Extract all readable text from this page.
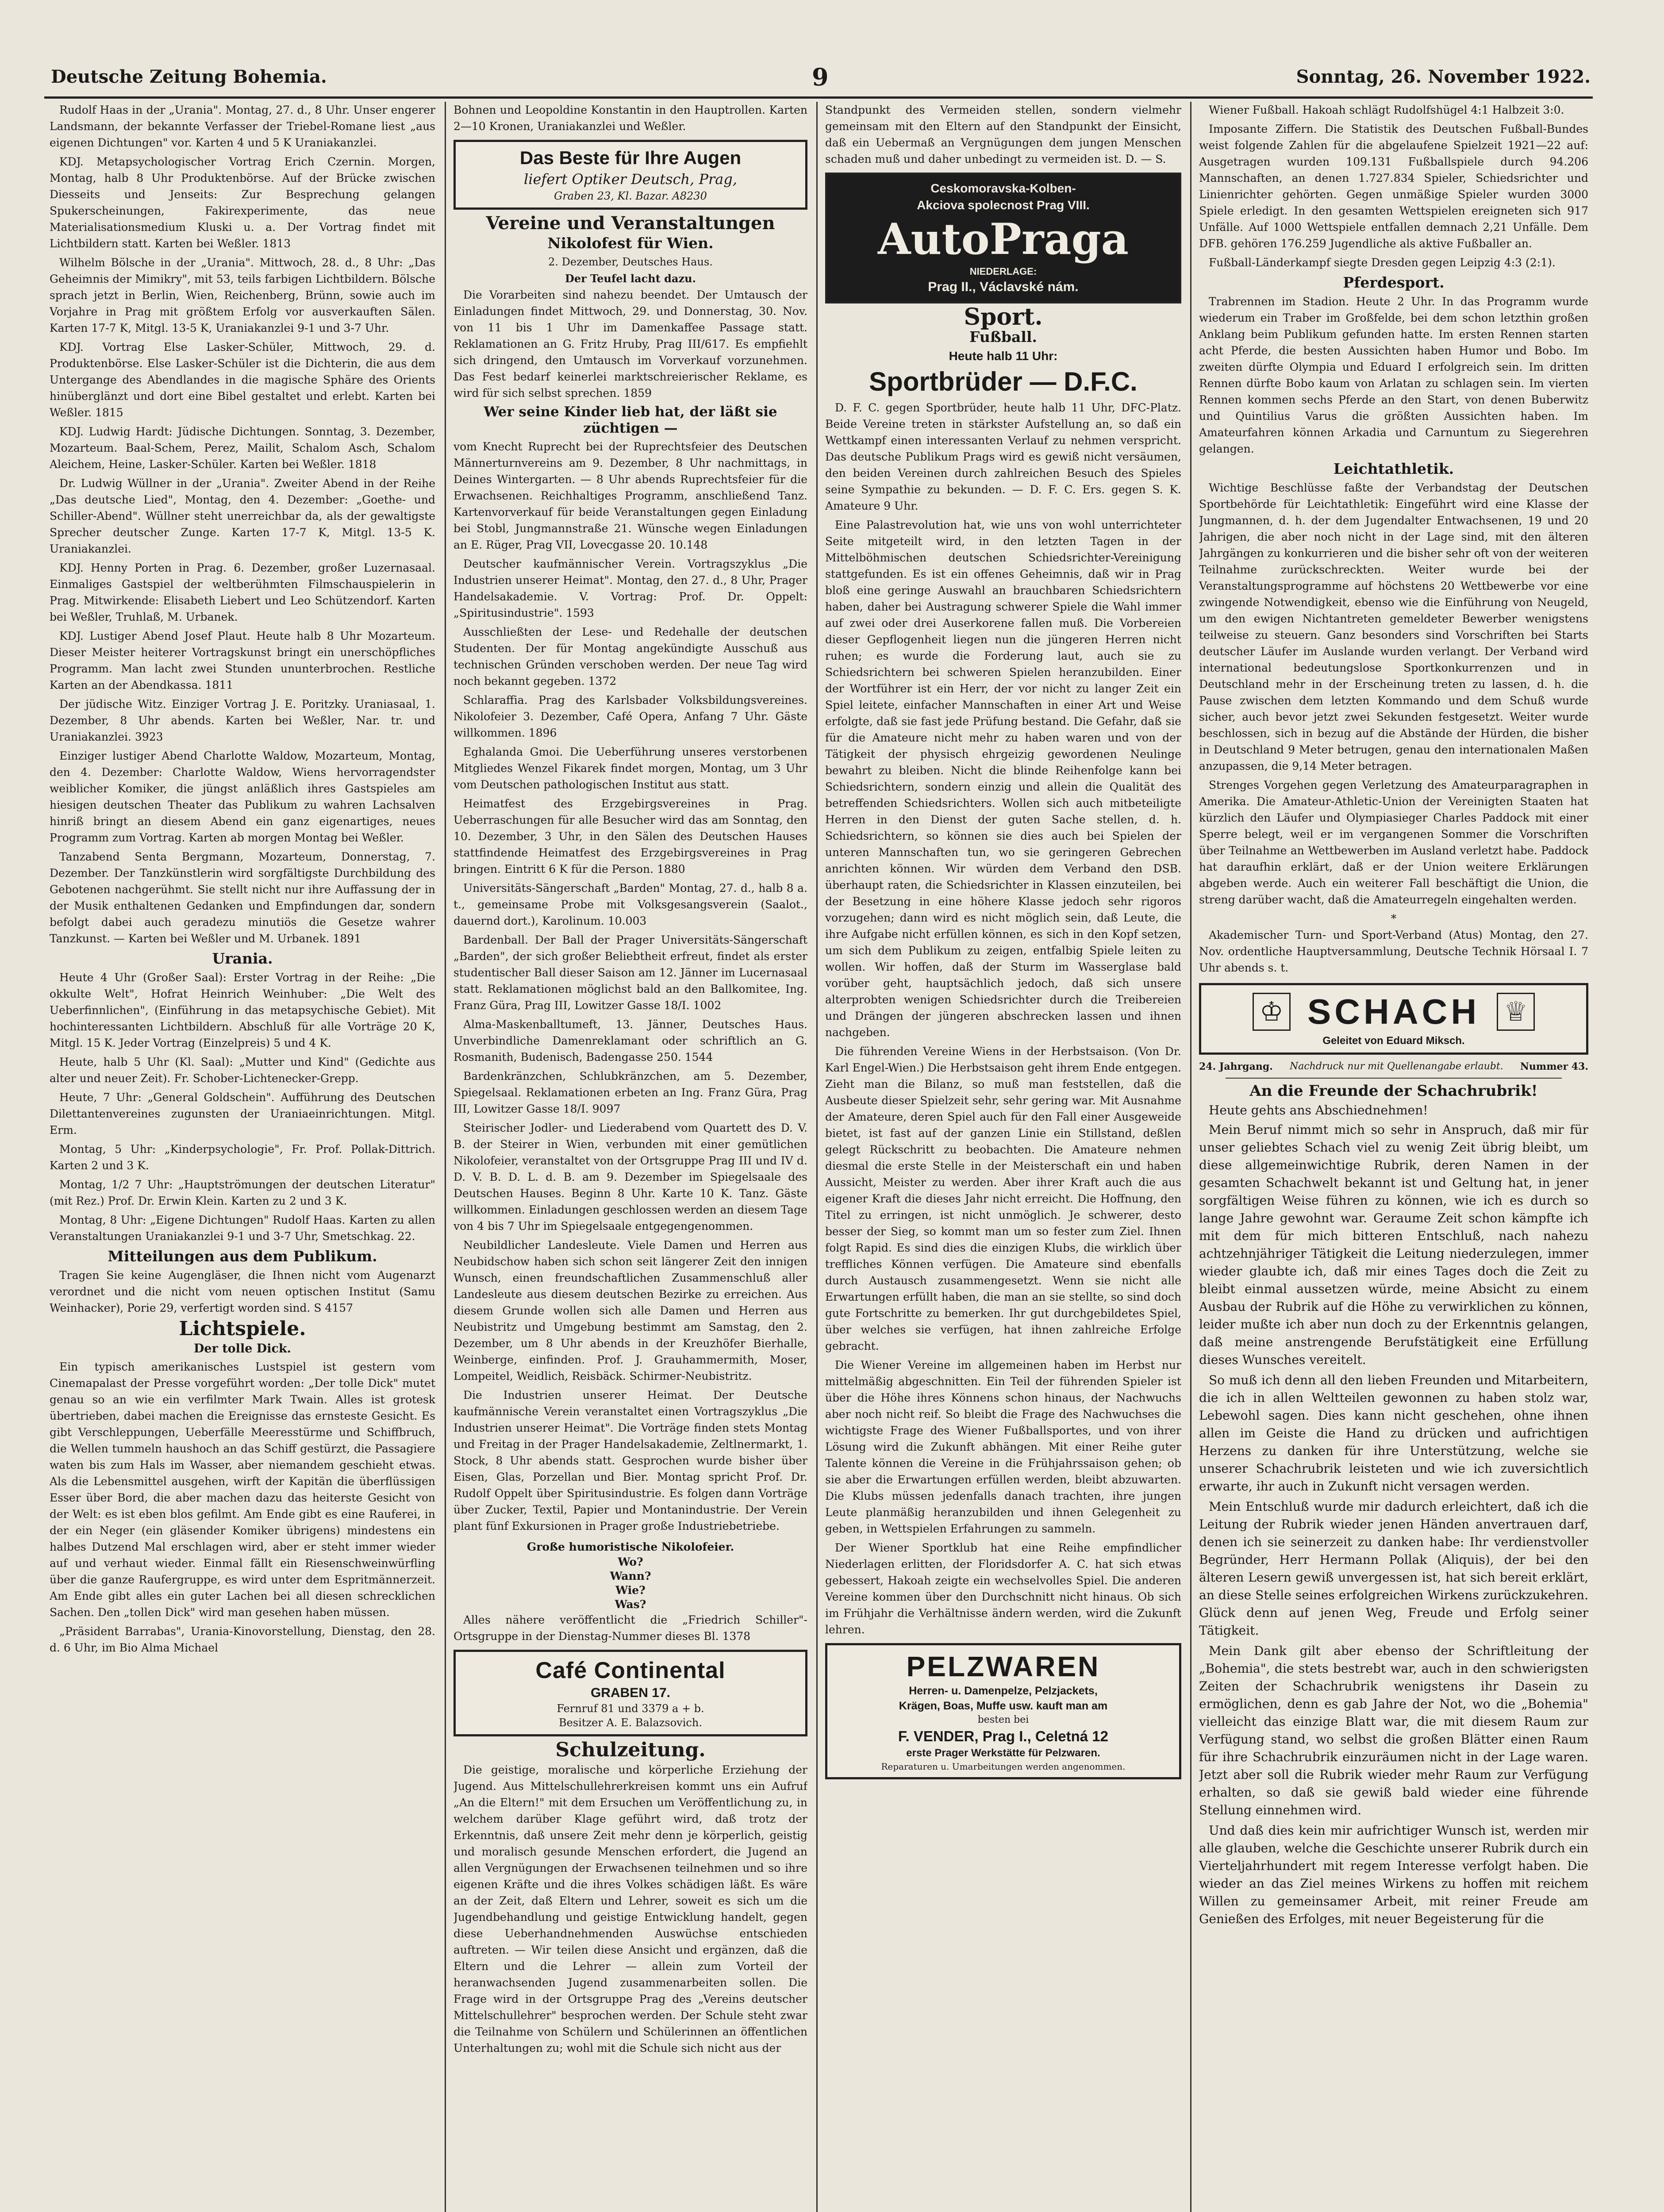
Deutsche Zeitung Bohemia.	9	Sonntag, 26. November 1922.

Rudolf Haas in der „Urania". Montag, 27. d., 8 Uhr. Unser engerer Landsmann, der bekannte Verfasser der Triebel-Romane liest „aus eigenen Dichtungen" vor. Karten 4 und 5 K Uraniakanzlei.

KDJ. Metapsychologischer Vortrag Erich Czernin. Morgen, Montag, halb 8 Uhr Produktenbörse. Auf der Brücke zwischen Diesseits und Jenseits: Zur Besprechung gelangen Spukerscheinungen, Fakirexperimente, das neue Materialisationsmedium Kluski u. a. Der Vortrag findet mit Lichtbildern statt. Karten bei Weßler. 1813

Wilhelm Bölsche in der „Urania". Mittwoch, 28. d., 8 Uhr: „Das Geheimnis der Mimikry", mit 53, teils farbigen Lichtbildern. Bölsche sprach jetzt in Berlin, Wien, Reichenberg, Brünn, sowie auch im Vorjahre in Prag mit größtem Erfolg vor ausverkauften Sälen. Karten 17-7 K, Mitgl. 13-5 K, Uraniakanzlei 9-1 und 3-7 Uhr.

KDJ. Vortrag Else Lasker-Schüler, Mittwoch, 29. d. Produktenbörse. Else Lasker-Schüler ist die Dichterin, die aus dem Untergange des Abendlandes in die magische Sphäre des Orients hinüberglänzt und dort eine Bibel gestaltet und erlebt. Karten bei Weßler. 1815

KDJ. Ludwig Hardt: Jüdische Dichtungen. Sonntag, 3. Dezember, Mozarteum. Baal-Schem, Perez, Mailit, Schalom Asch, Schalom Aleichem, Heine, Lasker-Schüler. Karten bei Weßler. 1818

Dr. Ludwig Wüllner in der „Urania". Zweiter Abend in der Reihe „Das deutsche Lied", Montag, den 4. Dezember: „Goethe- und Schiller-Abend". Wüllner steht unerreichbar da, als der gewaltigste Sprecher deutscher Zunge. Karten 17-7 K, Mitgl. 13-5 K. Uraniakanzlei.

KDJ. Henny Porten in Prag. 6. Dezember, großer Luzernasaal. Einmaliges Gastspiel der weltberühmten Filmschauspielerin in Prag. Mitwirkende: Elisabeth Liebert und Leo Schützendorf. Karten bei Weßler, Truhlaß, M. Urbanek.

KDJ. Lustiger Abend Josef Plaut. Heute halb 8 Uhr Mozarteum. Dieser Meister heiterer Vortragskunst bringt ein unerschöpfliches Programm. Man lacht zwei Stunden ununterbrochen. Restliche Karten an der Abendkassa. 1811

Der jüdische Witz. Einziger Vortrag J. E. Poritzky. Uraniasaal, 1. Dezember, 8 Uhr abends. Karten bei Weßler, Nar. tr. und Uraniakanzlei. 3923

Einziger lustiger Abend Charlotte Waldow, Mozarteum, Montag, den 4. Dezember: Charlotte Waldow, Wiens hervorragendster weiblicher Komiker, die jüngst anläßlich ihres Gastspieles am hiesigen deutschen Theater das Publikum zu wahren Lachsalven hinriß bringt an diesem Abend ein ganz eigenartiges, neues Programm zum Vortrag. Karten ab morgen Montag bei Weßler.

Tanzabend Senta Bergmann, Mozarteum, Donnerstag, 7. Dezember. Der Tanzkünstlerin wird sorgfältigste Durchbildung des Gebotenen nachgerühmt. Sie stellt nicht nur ihre Auffassung der in der Musik enthaltenen Gedanken und Empfindungen dar, sondern befolgt dabei auch geradezu minutiös die Gesetze wahrer Tanzkunst. — Karten bei Weßler und M. Urbanek. 1891

Urania.

Heute 4 Uhr (Großer Saal): Erster Vortrag in der Reihe: „Die okkulte Welt", Hofrat Heinrich Weinhuber: „Die Welt des Ueberfinnlichen", (Einführung in das metapsychische Gebiet). Mit hochinteressanten Lichtbildern. Abschluß für alle Vorträge 20 K, Mitgl. 15 K. Jeder Vortrag (Einzelpreis) 5 und 4 K.

Heute, halb 5 Uhr (Kl. Saal): „Mutter und Kind" (Gedichte aus alter und neuer Zeit). Fr. Schober-Lichtenecker-Grepp.

Heute, 7 Uhr: „General Goldschein". Aufführung des Deutschen Dilettantenvereines zugunsten der Uraniaeinrichtungen. Mitgl. Erm.

Montag, 5 Uhr: „Kinderpsychologie", Fr. Prof. Pollak-Dittrich. Karten 2 und 3 K.

Montag, 1/2 7 Uhr: „Hauptströmungen der deutschen Literatur" (mit Rez.) Prof. Dr. Erwin Klein. Karten zu 2 und 3 K.

Montag, 8 Uhr: „Eigene Dichtungen" Rudolf Haas. Karten zu allen Veranstaltungen Uraniakanzlei 9-1 und 3-7 Uhr, Smetschkag. 22.

Mitteilungen aus dem Publikum.

Tragen Sie keine Augengläser, die Ihnen nicht vom Augenarzt verordnet und die nicht vom neuen optischen Institut (Samu Weinhacker), Porie 29, verfertigt worden sind. S 4157

Lichtspiele.
Der tolle Dick.

Ein typisch amerikanisches Lustspiel ist gestern vom Cinemapalast der Presse vorgeführt worden: „Der tolle Dick" mutet genau so an wie ein verfilmter Mark Twain. Alles ist grotesk übertrieben, dabei machen die Ereignisse das ernsteste Gesicht. Es gibt Verschleppungen, Ueberfälle Meeresstürme und Schiffbruch, die Wellen tummeln haushoch an das Schiff gestürzt, die Passagiere waten bis zum Hals im Wasser, aber niemandem geschieht etwas. Als die Lebensmittel ausgehen, wirft der Kapitän die überflüssigen Esser über Bord, die aber machen dazu das heiterste Gesicht von der Welt: es ist eben blos gefilmt. Am Ende gibt es eine Rauferei, in der ein Neger (ein gläsender Komiker übrigens) mindestens ein halbes Dutzend Mal erschlagen wird, aber er steht immer wieder auf und verhaut wieder. Einmal fällt ein Riesenschweinwürfling über die ganze Raufergruppe, es wird unter dem Espritmännerzeit. Am Ende gibt alles ein guter Lachen bei all diesen schrecklichen Sachen. Den „tollen Dick" wird man gesehen haben müssen.

„Präsident Barrabas", Urania-Kinovorstellung, Dienstag, den 28. d. 6 Uhr, im Bio Alma Michael

Bohnen und Leopoldine Konstantin in den Hauptrollen. Karten 2—10 Kronen, Uraniakanzlei und Weßler.

Das Beste für Ihre Augen
liefert Optiker Deutsch, Prag,
Graben 23, Kl. Bazar. A8230
Vereine und Veranstaltungen
Nikolofest für Wien.
2. Dezember, Deutsches Haus.
Der Teufel lacht dazu.

Die Vorarbeiten sind nahezu beendet. Der Umtausch der Einladungen findet Mittwoch, 29. und Donnerstag, 30. Nov. von 11 bis 1 Uhr im Damenkaffee Passage statt. Reklamationen an G. Fritz Hruby, Prag III/617. Es empfiehlt sich dringend, den Umtausch im Vorverkauf vorzunehmen. Das Fest bedarf keinerlei marktschreierischer Reklame, es wird für sich selbst sprechen. 1859

Wer seine Kinder lieb hat, der läßt sie züchtigen —

vom Knecht Ruprecht bei der Ruprechtsfeier des Deutschen Männerturnvereins am 9. Dezember, 8 Uhr nachmittags, in Deines Wintergarten. — 8 Uhr abends Ruprechtsfeier für die Erwachsenen. Reichhaltiges Programm, anschließend Tanz. Kartenvorverkauf für beide Veranstaltungen gegen Einladung bei Stobl, Jungmannstraße 21. Wünsche wegen Einladungen an E. Rüger, Prag VII, Lovecgasse 20. 10.148

Deutscher kaufmännischer Verein. Vortragszyklus „Die Industrien unserer Heimat". Montag, den 27. d., 8 Uhr, Prager Handelsakademie. V. Vortrag: Prof. Dr. Oppelt: „Spiritusindustrie". 1593

Ausschließten der Lese- und Redehalle der deutschen Studenten. Der für Montag angekündigte Ausschuß aus technischen Gründen verschoben werden. Der neue Tag wird noch bekannt gegeben. 1372

Schlaraffia. Prag des Karlsbader Volksbildungsvereines. Nikolofeier 3. Dezember, Café Opera, Anfang 7 Uhr. Gäste willkommen. 1896

Eghalanda Gmoi. Die Ueberführung unseres verstorbenen Mitgliedes Wenzel Fikarek findet morgen, Montag, um 3 Uhr vom Deutschen pathologischen Institut aus statt.

Heimatfest des Erzgebirgsvereines in Prag. Ueberraschungen für alle Besucher wird das am Sonntag, den 10. Dezember, 3 Uhr, in den Sälen des Deutschen Hauses stattfindende Heimatfest des Erzgebirgsvereines in Prag bringen. Eintritt 6 K für die Person. 1880

Universitäts-Sängerschaft „Barden" Montag, 27. d., halb 8 a. t., gemeinsame Probe mit Volksgesangsverein (Saalot., dauernd dort.), Karolinum. 10.003

Bardenball. Der Ball der Prager Universitäts-Sängerschaft „Barden", der sich großer Beliebtheit erfreut, findet als erster studentischer Ball dieser Saison am 12. Jänner im Lucernasaal statt. Reklamationen möglichst bald an den Ballkomitee, Ing. Franz Güra, Prag III, Lowitzer Gasse 18/I. 1002

Alma-Maskenballtumeft, 13. Jänner, Deutsches Haus. Unverbindliche Damenreklamant oder schriftlich an G. Rosmanith, Budenisch, Badengasse 250. 1544

Bardenkränzchen, Schlubkränzchen, am 5. Dezember, Spiegelsaal. Reklamationen erbeten an Ing. Franz Güra, Prag III, Lowitzer Gasse 18/I. 9097

Steirischer Jodler- und Liederabend vom Quartett des D. V. B. der Steirer in Wien, verbunden mit einer gemütlichen Nikolofeier, veranstaltet von der Ortsgruppe Prag III und IV d. D. V. B. D. L. d. B. am 9. Dezember im Spiegelsaale des Deutschen Hauses. Beginn 8 Uhr. Karte 10 K. Tanz. Gäste willkommen. Einladungen geschlossen werden an diesem Tage von 4 bis 7 Uhr im Spiegelsaale entgegengenommen.

Neubildlicher Landesleute. Viele Damen und Herren aus Neubidschow haben sich schon seit längerer Zeit den innigen Wunsch, einen freundschaftlichen Zusammenschluß aller Landesleute aus diesem deutschen Bezirke zu erreichen. Aus diesem Grunde wollen sich alle Damen und Herren aus Neubistritz und Umgebung bestimmt am Samstag, den 2. Dezember, um 8 Uhr abends in der Kreuzhöfer Bierhalle, Weinberge, einfinden. Prof. J. Grauhammermith, Moser, Lompeitel, Weidlich, Reisbäck. Schirmer-Neubistritz.

Die Industrien unserer Heimat. Der Deutsche kaufmännische Verein veranstaltet einen Vortragszyklus „Die Industrien unserer Heimat". Die Vorträge finden stets Montag und Freitag in der Prager Handelsakademie, Zeltlnermarkt, 1. Stock, 8 Uhr abends statt. Gesprochen wurde bisher über Eisen, Glas, Porzellan und Bier. Montag spricht Prof. Dr. Rudolf Oppelt über Spiritusindustrie. Es folgen dann Vorträge über Zucker, Textil, Papier und Montanindustrie. Der Verein plant fünf Exkursionen in Prager große Industriebetriebe.

Große humoristische Nikolofeier.
Wo?
Wann?
Wie?
Was?

Alles nähere veröffentlicht die „Friedrich Schiller"-Ortsgruppe in der Dienstag-Nummer dieses Bl. 1378

Café Continental
GRABEN 17.
Fernruf 81 und 3379 a + b.
Besitzer A. E. Balazsovich.
Schulzeitung.

Die geistige, moralische und körperliche Erziehung der Jugend. Aus Mittelschullehrerkreisen kommt uns ein Aufruf „An die Eltern!" mit dem Ersuchen um Veröffentlichung zu, in welchem darüber Klage geführt wird, daß trotz der Erkenntnis, daß unsere Zeit mehr denn je körperlich, geistig und moralisch gesunde Menschen erfordert, die Jugend an allen Vergnügungen der Erwachsenen teilnehmen und so ihre eigenen Kräfte und die ihres Volkes schädigen läßt. Es wäre an der Zeit, daß Eltern und Lehrer, soweit es sich um die Jugendbehandlung und geistige Entwicklung handelt, gegen diese Ueberhandnehmenden Auswüchse entschieden auftreten. — Wir teilen diese Ansicht und ergänzen, daß die Eltern und die Lehrer — allein zum Vorteil der heranwachsenden Jugend zusammenarbeiten sollen. Die Frage wird in der Ortsgruppe Prag des „Vereins deutscher Mittelschullehrer" besprochen werden. Der Schule steht zwar die Teilnahme von Schülern und Schülerinnen an öffentlichen Unterhaltungen zu; wohl mit die Schule sich nicht aus der

Standpunkt des Vermeiden stellen, sondern vielmehr gemeinsam mit den Eltern auf den Standpunkt der Einsicht, daß ein Uebermaß an Vergnügungen dem jungen Menschen schaden muß und daher unbedingt zu vermeiden ist. D. — S.

Ceskomoravska-Kolben-
Akciova spolecnost Prag VIII.
AutoPraga
NIEDERLAGE:
Prag II., Václavské nám.
Sport.
Fußball.
Heute halb 11 Uhr:
Sportbrüder — D.F.C.

D. F. C. gegen Sportbrüder, heute halb 11 Uhr, DFC-Platz. Beide Vereine treten in stärkster Aufstellung an, so daß ein Wettkampf einen interessanten Verlauf zu nehmen verspricht. Das deutsche Publikum Prags wird es gewiß nicht versäumen, den beiden Vereinen durch zahlreichen Besuch des Spieles seine Sympathie zu bekunden. — D. F. C. Ers. gegen S. K. Amateure 9 Uhr.

Eine Palastrevolution hat, wie uns von wohl unterrichteter Seite mitgeteilt wird, in den letzten Tagen in der Mittelböhmischen deutschen Schiedsrichter-Vereinigung stattgefunden. Es ist ein offenes Geheimnis, daß wir in Prag bloß eine geringe Auswahl an brauchbaren Schiedsrichtern haben, daher bei Austragung schwerer Spiele die Wahl immer auf zwei oder drei Auserkorene fallen muß. Die Vorbereien dieser Gepflogenheit liegen nun die jüngeren Herren nicht ruhen; es wurde die Forderung laut, auch sie zu Schiedsrichtern bei schweren Spielen heranzubilden. Einer der Wortführer ist ein Herr, der vor nicht zu langer Zeit ein Spiel leitete, einfacher Mannschaften in einer Art und Weise erfolgte, daß sie fast jede Prüfung bestand. Die Gefahr, daß sie für die Amateure nicht mehr zu haben waren und von der Tätigkeit der physisch ehrgeizig gewordenen Neulinge bewahrt zu bleiben. Nicht die blinde Reihenfolge kann bei Schiedsrichtern, sondern einzig und allein die Qualität des betreffenden Schiedsrichters. Wollen sich auch mitbeteiligte Herren in den Dienst der guten Sache stellen, d. h. Schiedsrichtern, so können sie dies auch bei Spielen der unteren Mannschaften tun, wo sie geringeren Gebrechen anrichten können. Wir würden dem Verband den DSB. überhaupt raten, die Schiedsrichter in Klassen einzuteilen, bei der Besetzung in eine höhere Klasse jedoch sehr rigoros vorzugehen; dann wird es nicht möglich sein, daß Leute, die ihre Aufgabe nicht erfüllen können, es sich in den Kopf setzen, um sich dem Publikum zu zeigen, entfalbig Spiele leiten zu wollen. Wir hoffen, daß der Sturm im Wasserglase bald vorüber geht, hauptsächlich jedoch, daß sich unsere alterprobten wenigen Schiedsrichter durch die Treibereien und Drängen der jüngeren abschrecken lassen und ihnen nachgeben.

Die führenden Vereine Wiens in der Herbstsaison. (Von Dr. Karl Engel-Wien.) Die Herbstsaison geht ihrem Ende entgegen. Zieht man die Bilanz, so muß man feststellen, daß die Ausbeute dieser Spielzeit sehr, sehr gering war. Mit Ausnahme der Amateure, deren Spiel auch für den Fall einer Ausgeweide bietet, ist fast auf der ganzen Linie ein Stillstand, deßlen gelegt Rückschritt zu beobachten. Die Amateure nehmen diesmal die erste Stelle in der Meisterschaft ein und haben Aussicht, Meister zu werden. Aber ihrer Kraft auch die aus eigener Kraft die dieses Jahr nicht erreicht. Die Hoffnung, den Titel zu erringen, ist nicht unmöglich. Je schwerer, desto besser der Sieg, so kommt man um so fester zum Ziel. Ihnen folgt Rapid. Es sind dies die einzigen Klubs, die wirklich über treffliches Können verfügen. Die Amateure sind ebenfalls durch Austausch zusammengesetzt. Wenn sie nicht alle Erwartungen erfüllt haben, die man an sie stellte, so sind doch gute Fortschritte zu bemerken. Ihr gut durchgebildetes Spiel, über welches sie verfügen, hat ihnen zahlreiche Erfolge gebracht.

Die Wiener Vereine im allgemeinen haben im Herbst nur mittelmäßig abgeschnitten. Ein Teil der führenden Spieler ist über die Höhe ihres Könnens schon hinaus, der Nachwuchs aber noch nicht reif. So bleibt die Frage des Nachwuchses die wichtigste Frage des Wiener Fußballsportes, und von ihrer Lösung wird die Zukunft abhängen. Mit einer Reihe guter Talente können die Vereine in die Frühjahrssaison gehen; ob sie aber die Erwartungen erfüllen werden, bleibt abzuwarten. Die Klubs müssen jedenfalls danach trachten, ihre jungen Leute planmäßig heranzubilden und ihnen Gelegenheit zu geben, in Wettspielen Erfahrungen zu sammeln.

Der Wiener Sportklub hat eine Reihe empfindlicher Niederlagen erlitten, der Floridsdorfer A. C. hat sich etwas gebessert, Hakoah zeigte ein wechselvolles Spiel. Die anderen Vereine kommen über den Durchschnitt nicht hinaus. Ob sich im Frühjahr die Verhältnisse ändern werden, wird die Zukunft lehren.

PELZWAREN
Herren- u. Damenpelze, Pelzjackets,
Krägen, Boas, Muffe usw. kauft man am
besten bei
F. VENDER, Prag I., Celetná 12
erste Prager Werkstätte für Pelzwaren.
Reparaturen u. Umarbeitungen werden angenommen.

Wiener Fußball. Hakoah schlägt Rudolfshügel 4:1 Halbzeit 3:0.

Imposante Ziffern. Die Statistik des Deutschen Fußball-Bundes weist folgende Zahlen für die abgelaufene Spielzeit 1921—22 auf: Ausgetragen wurden 109.131 Fußballspiele durch 94.206 Mannschaften, an denen 1.727.834 Spieler, Schiedsrichter und Linienrichter gehörten. Gegen unmäßige Spieler wurden 3000 Spiele erledigt. In den gesamten Wettspielen ereigneten sich 917 Unfälle. Auf 1000 Wettspiele entfallen demnach 2,21 Unfälle. Dem DFB. gehören 176.259 Jugendliche als aktive Fußballer an.

Fußball-Länderkampf siegte Dresden gegen Leipzig 4:3 (2:1).

Pferdesport.

Trabrennen im Stadion. Heute 2 Uhr. In das Programm wurde wiederum ein Traber im Großfelde, bei dem schon letzthin großen Anklang beim Publikum gefunden hatte. Im ersten Rennen starten acht Pferde, die besten Aussichten haben Humor und Bobo. Im zweiten dürfte Olympia und Eduard I erfolgreich sein. Im dritten Rennen dürfte Bobo kaum von Arlatan zu schlagen sein. Im vierten Rennen kommen sechs Pferde an den Start, von denen Buberwitz und Quintilius Varus die größten Aussichten haben. Im Amateurfahren können Arkadia und Carnuntum zu Siegerehren gelangen.

Leichtathletik.

Wichtige Beschlüsse faßte der Verbandstag der Deutschen Sportbehörde für Leichtathletik: Eingeführt wird eine Klasse der Jungmannen, d. h. der dem Jugendalter Entwachsenen, 19 und 20 Jahrigen, die aber noch nicht in der Lage sind, mit den älteren Jahrgängen zu konkurrieren und die bisher sehr oft von der weiteren Teilnahme zurückschreckten. Weiter wurde bei der Veranstaltungsprogramme auf höchstens 20 Wettbewerbe vor eine zwingende Notwendigkeit, ebenso wie die Einführung von Neugeld, um den ewigen Nichtantreten gemeldeter Bewerber wenigstens teilweise zu steuern. Ganz besonders sind Vorschriften bei Starts deutscher Läufer im Auslande wurden verlangt. Der Verband wird international bedeutungslose Sportkonkurrenzen und in Deutschland mehr in der Erscheinung treten zu lassen, d. h. die Pause zwischen dem letzten Kommando und dem Schuß wurde sicher, auch bevor jetzt zwei Sekunden festgesetzt. Weiter wurde beschlossen, sich in bezug auf die Abstände der Hürden, die bisher in Deutschland 9 Meter betrugen, genau den internationalen Maßen anzupassen, die 9,14 Meter betragen.

Strenges Vorgehen gegen Verletzung des Amateurparagraphen in Amerika. Die Amateur-Athletic-Union der Vereinigten Staaten hat kürzlich den Läufer und Olympiasieger Charles Paddock mit einer Sperre belegt, weil er im vergangenen Sommer die Vorschriften über Teilnahme an Wettbewerben im Ausland verletzt habe. Paddock hat daraufhin erklärt, daß er der Union weitere Erklärungen abgeben werde. Auch ein weiterer Fall beschäftigt die Union, die streng darüber wacht, daß die Amateurregeln eingehalten werden.

*

Akademischer Turn- und Sport-Verband (Atus) Montag, den 27. Nov. ordentliche Hauptversammlung, Deutsche Technik Hörsaal I. 7 Uhr abends s. t.

♔ SCHACH ♕
Geleitet von Eduard Miksch.
24. Jahrgang. Nachdruck nur mit Quellenangabe erlaubt. Nummer 43.
An die Freunde der Schachrubrik!

Heute gehts ans Abschiednehmen!

Mein Beruf nimmt mich so sehr in Anspruch, daß mir für unser geliebtes Schach viel zu wenig Zeit übrig bleibt, um diese allgemeinwichtige Rubrik, deren Namen in der gesamten Schachwelt bekannt ist und Geltung hat, in jener sorgfältigen Weise führen zu können, wie ich es durch so lange Jahre gewohnt war. Geraume Zeit schon kämpfte ich mit dem für mich bitteren Entschluß, nach nahezu achtzehnjähriger Tätigkeit die Leitung niederzulegen, immer wieder glaubte ich, daß mir eines Tages doch die Zeit zu bleibt einmal aussetzen würde, meine Absicht zu einem Ausbau der Rubrik auf die Höhe zu verwirklichen zu können, leider mußte ich aber nun doch zu der Erkenntnis gelangen, daß meine anstrengende Berufstätigkeit eine Erfüllung dieses Wunsches vereitelt.

So muß ich denn all den lieben Freunden und Mitarbeitern, die ich in allen Weltteilen gewonnen zu haben stolz war, Lebewohl sagen. Dies kann nicht geschehen, ohne ihnen allen im Geiste die Hand zu drücken und aufrichtigen Herzens zu danken für ihre Unterstützung, welche sie unserer Schachrubrik leisteten und wie ich zuversichtlich erwarte, ihr auch in Zukunft nicht versagen werden.

Mein Entschluß wurde mir dadurch erleichtert, daß ich die Leitung der Rubrik wieder jenen Händen anvertrauen darf, denen ich sie seinerzeit zu danken habe: Ihr verdienstvoller Begründer, Herr Hermann Pollak (Aliquis), der bei den älteren Lesern gewiß unvergessen ist, hat sich bereit erklärt, an diese Stelle seines erfolgreichen Wirkens zurückzukehren. Glück denn auf jenen Weg, Freude und Erfolg seiner Tätigkeit.

Mein Dank gilt aber ebenso der Schriftleitung der „Bohemia", die stets bestrebt war, auch in den schwierigsten Zeiten der Schachrubrik wenigstens ihr Dasein zu ermöglichen, denn es gab Jahre der Not, wo die „Bohemia" vielleicht das einzige Blatt war, die mit diesem Raum zur Verfügung stand, wo selbst die großen Blätter einen Raum für ihre Schachrubrik einzuräumen nicht in der Lage waren. Jetzt aber soll die Rubrik wieder mehr Raum zur Verfügung erhalten, so daß sie gewiß bald wieder eine führende Stellung einnehmen wird.

Und daß dies kein mir aufrichtiger Wunsch ist, werden mir alle glauben, welche die Geschichte unserer Rubrik durch ein Vierteljahrhundert mit regem Interesse verfolgt haben. Die wieder an das Ziel meines Wirkens zu hoffen mit reichem Willen zu gemeinsamer Arbeit, mit reiner Freude am Genießen des Erfolges, mit neuer Begeisterung für die
